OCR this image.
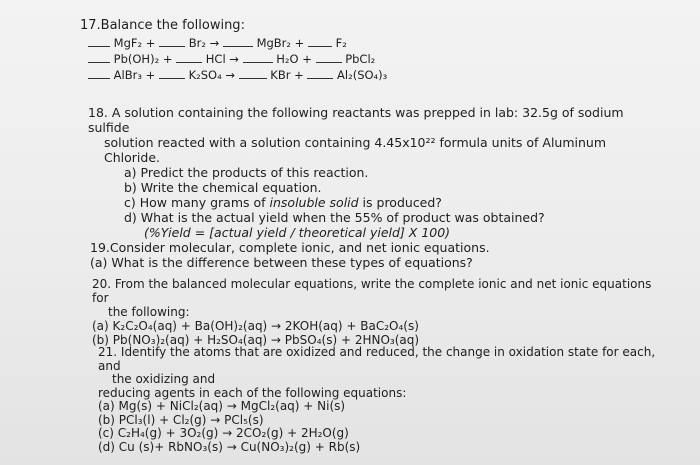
17.Balance the following:
MgF₂ +	Br₂ →	MgBr₂ +	F₂
Pb(OH)₂ +	HCl →	H₂O +	PbCl₂
AlBr₃ +	K₂SO₄ →	KBr +	Al₂(SO₄)₃
18. A solution containing the following reactants was prepped in lab: 32.5g of sodium sulfide
solution reacted with a solution containing 4.45x10²² formula units of Aluminum Chloride.
a) Predict the products of this reaction.
b) Write the chemical equation.
c) How many grams of insoluble solid is produced?
d) What is the actual yield when the 55% of product was obtained?
(%Yield = [actual yield / theoretical yield] X 100)
19.Consider molecular, complete ionic, and net ionic equations.
(a) What is the difference between these types of equations?
20. From the balanced molecular equations, write the complete ionic and net ionic equations for
the following:
(a) K₂C₂O₄(aq) + Ba(OH)₂(aq) → 2KOH(aq) + BaC₂O₄(s)
(b) Pb(NO₃)₂(aq) + H₂SO₄(aq) → PbSO₄(s) + 2HNO₃(aq)
21. Identify the atoms that are oxidized and reduced, the change in oxidation state for each, and
the oxidizing and
reducing agents in each of the following equations:
(a) Mg(s) + NiCl₂(aq) → MgCl₂(aq) + Ni(s)
(b) PCl₃(l) + Cl₂(g) → PCl₅(s)
(c) C₂H₄(g) + 3O₂(g) → 2CO₂(g) + 2H₂O(g)
(d) Cu (s)+ RbNO₃(s) → Cu(NO₃)₂(g) + Rb(s)
